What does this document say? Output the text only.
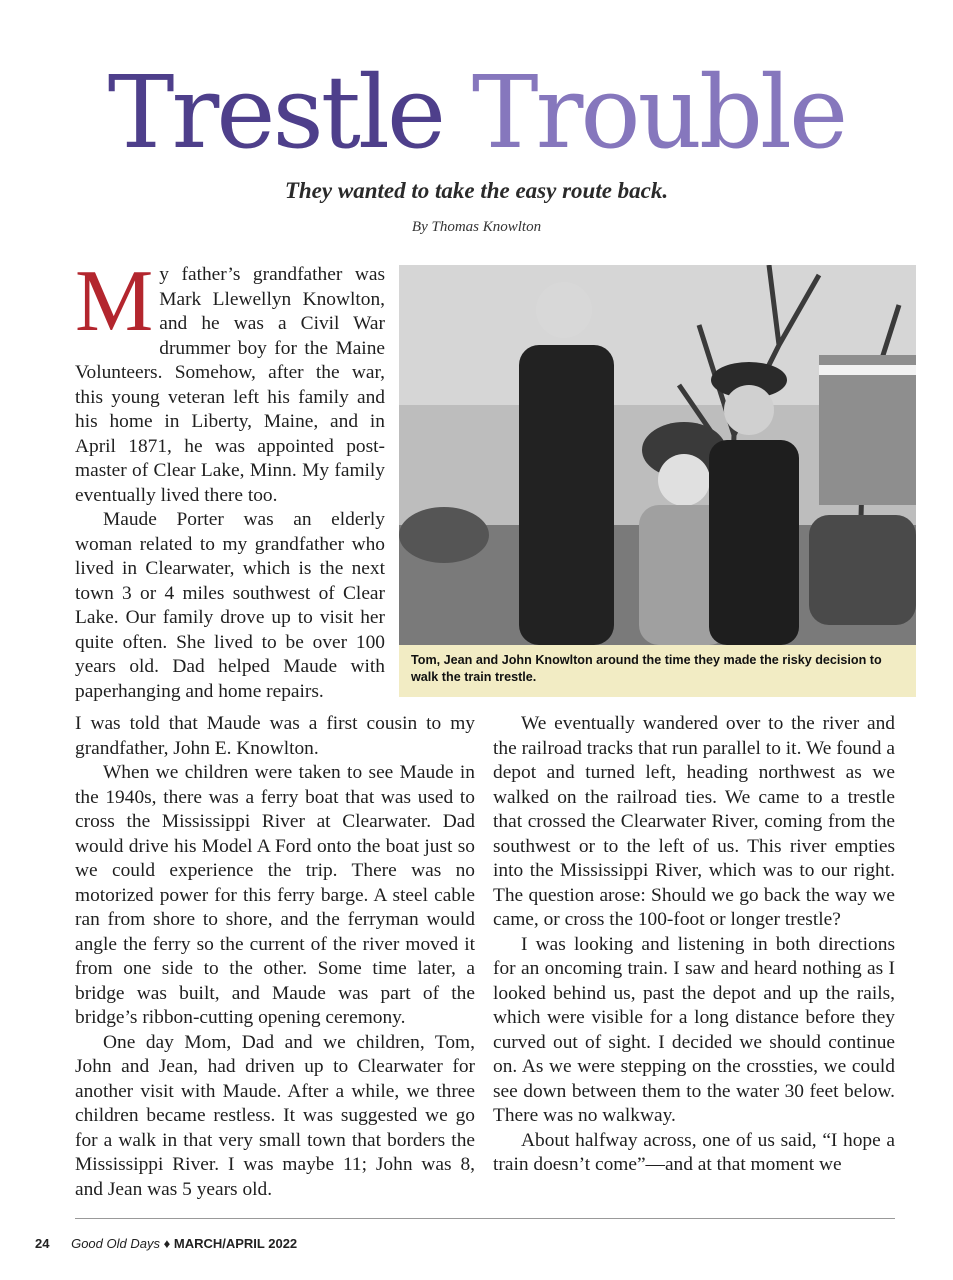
Trestle Trouble
They wanted to take the easy route back.
By Thomas Knowlton

My father’s grandfather was Mark Llewellyn Knowlton, and he was a Civil War drummer boy for the Maine Volunteers. Somehow, after the war, this young veteran left his family and his home in Liberty, Maine, and in April 1871, he was appointed post-master of Clear Lake, Minn. My family eventually lived there too.

Maude Porter was an elderly woman related to my grandfather who lived in Clearwater, which is the next town 3 or 4 miles southwest of Clear Lake. Our family drove up to visit her quite often. She lived to be over 100 years old. Dad helped Maude with paperhanging and home repairs.

Tom, Jean and John Knowlton around the time they made the risky decision to walk the train trestle.

I was told that Maude was a first cousin to my grandfather, John E. Knowlton.

When we children were taken to see Maude in the 1940s, there was a ferry boat that was used to cross the Mississippi River at Clearwater. Dad would drive his Model A Ford onto the boat just so we could experience the trip. There was no motorized power for this ferry barge. A steel cable ran from shore to shore, and the ferryman would angle the ferry so the current of the river moved it from one side to the other. Some time later, a bridge was built, and Maude was part of the bridge’s ribbon-cutting opening ceremony.

One day Mom, Dad and we children, Tom, John and Jean, had driven up to Clearwater for another visit with Maude. After a while, we three children became restless. It was suggested we go for a walk in that very small town that borders the Mississippi River. I was maybe 11; John was 8, and Jean was 5 years old.

We eventually wandered over to the river and the railroad tracks that run parallel to it. We found a depot and turned left, heading northwest as we walked on the railroad ties. We came to a trestle that crossed the Clearwater River, coming from the southwest or to the left of us. This river empties into the Mississippi River, which was to our right. The question arose: Should we go back the way we came, or cross the 100-foot or longer trestle?

I was looking and listening in both directions for an oncoming train. I saw and heard nothing as I looked behind us, past the depot and up the rails, which were visible for a long distance before they curved out of sight. I decided we should continue on. As we were stepping on the crossties, we could see down between them to the water 30 feet below. There was no walkway.

About halfway across, one of us said, “I hope a train doesn’t come”—and at that moment we

24 Good Old Days ♦ MARCH/APRIL 2022
